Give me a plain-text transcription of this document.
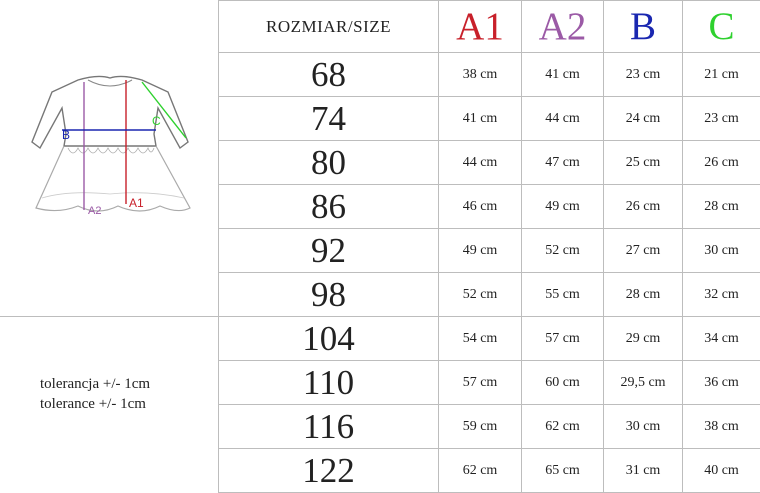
B
C
A1
A2
tolerancja +/- 1cm
tolerance +/- 1cm
ROZMIAR/SIZE	A1	A2	B	C
68	38 cm	41 cm	23 cm	21 cm
74	41 cm	44 cm	24 cm	23 cm
80	44 cm	47 cm	25 cm	26 cm
86	46 cm	49 cm	26 cm	28 cm
92	49 cm	52 cm	27 cm	30 cm
98	52 cm	55 cm	28 cm	32 cm
104	54 cm	57 cm	29 cm	34 cm
110	57 cm	60 cm	29,5 cm	36 cm
116	59 cm	62 cm	30 cm	38 cm
122	62 cm	65 cm	31 cm	40 cm
